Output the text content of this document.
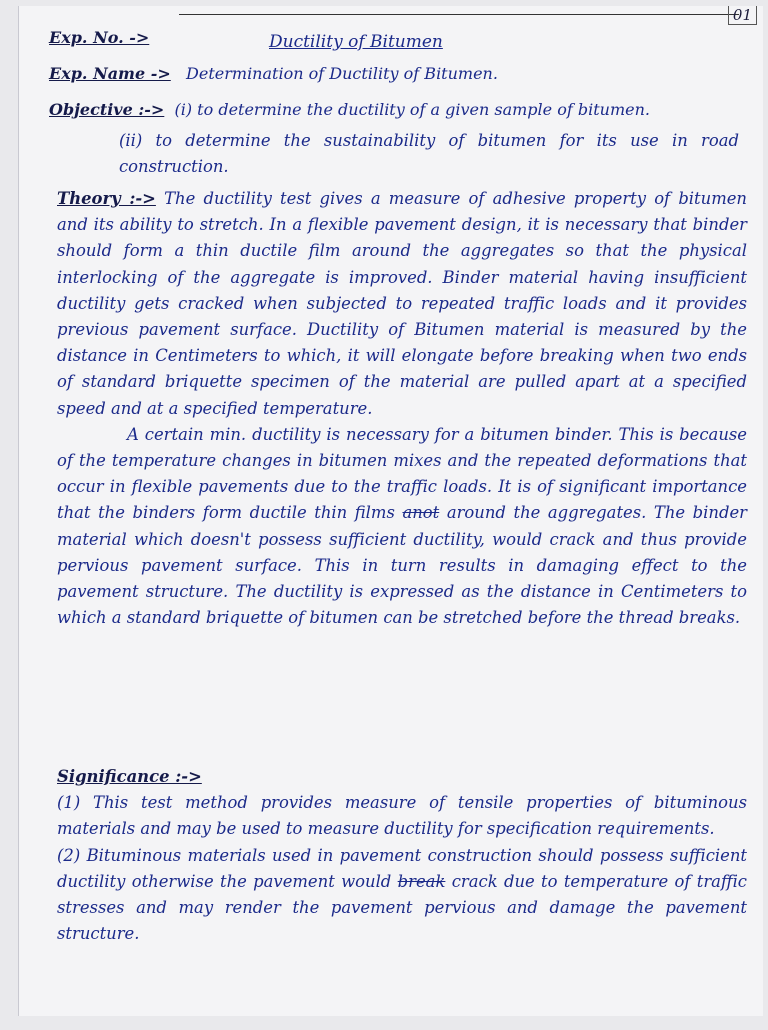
01
Exp. No. ->	Ductility of Bitumen
Exp. Name -> Determination of Ductility of Bitumen.
Objective :-> (i) to determine the ductility of a given sample of bitumen.

(ii) to determine the sustainability of bitumen for its use in road construction.

Theory :-> The ductility test gives a measure of adhesive property of bitumen and its ability to stretch. In a flexible pavement design, it is necessary that binder should form a thin ductile film around the aggregates so that the physical interlocking of the aggregate is improved. Binder material having insufficient ductility gets cracked when subjected to repeated traffic loads and it provides previous pavement surface. Ductility of Bitumen material is measured by the distance in Centimeters to which, it will elongate before breaking when two ends of standard briquette specimen of the material are pulled apart at a specified speed and at a specified temperature.

A certain min. ductility is necessary for a bitumen binder. This is because of the temperature changes in bitumen mixes and the repeated deformations that occur in flexible pavements due to the traffic loads. It is of significant importance that the binders form ductile thin films anot around the aggregates. The binder material which doesn't possess sufficient ductility, would crack and thus provide pervious pavement surface. This in turn results in damaging effect to the pavement structure. The ductility is expressed as the distance in Centimeters to which a standard briquette of bitumen can be stretched before the thread breaks.

Significance :->

(1) This test method provides measure of tensile properties of bituminous materials and may be used to measure ductility for specification requirements.

(2) Bituminous materials used in pavement construction should possess sufficient ductility otherwise the pavement would break crack due to temperature of traffic stresses and may render the pavement pervious and damage the pavement structure.
